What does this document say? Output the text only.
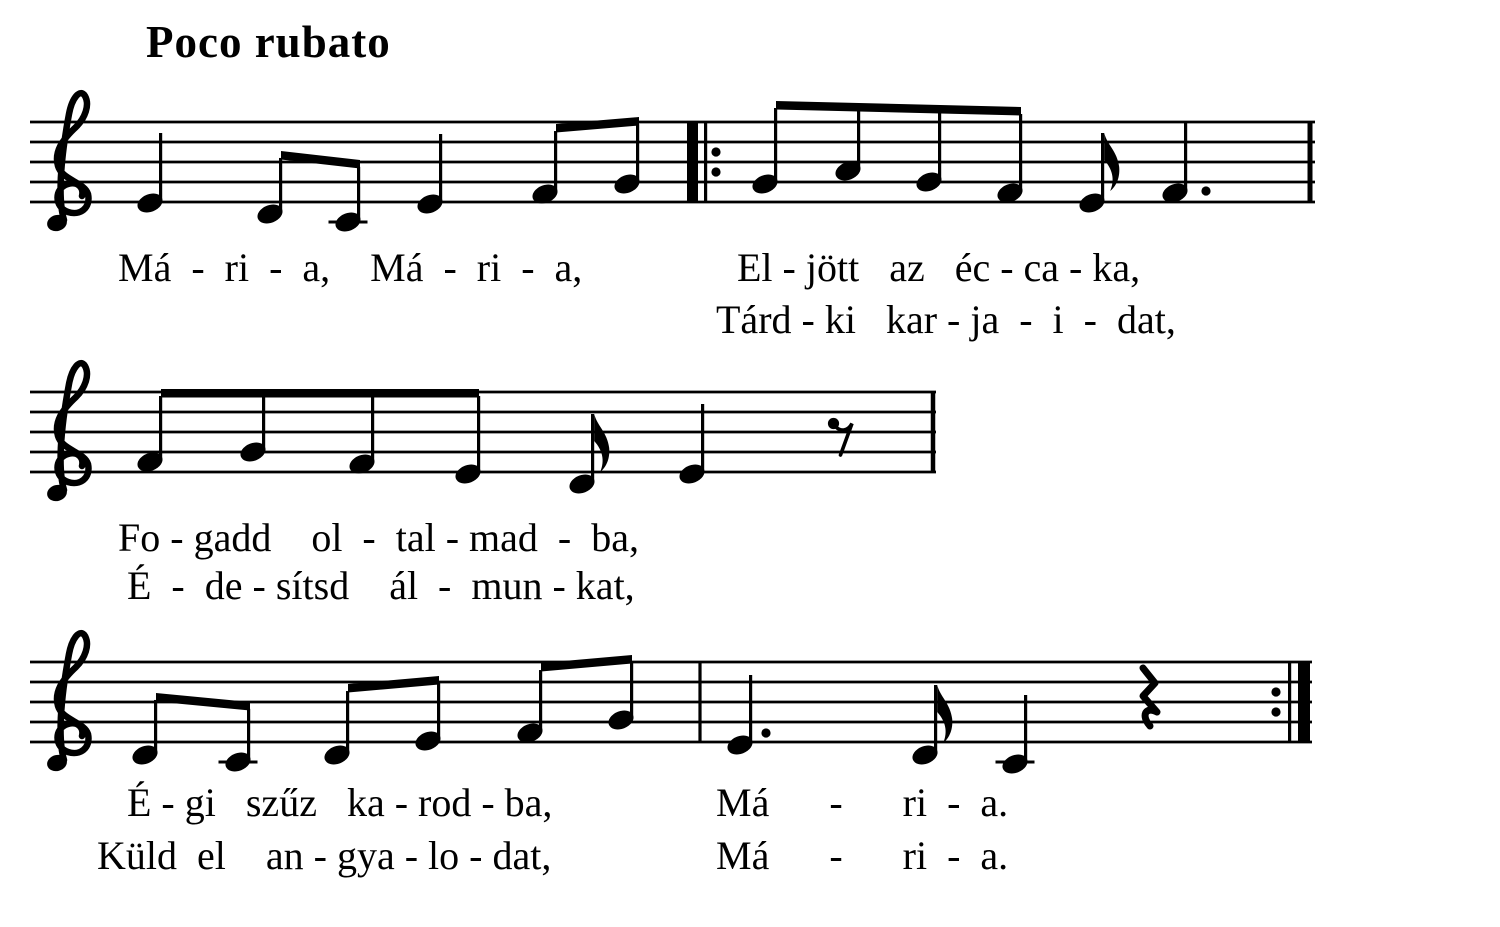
Poco rubato
Má  -  ri  -  a,    Má  -  ri  -  a,	El - jött   az   éc - ca - ka,
Tárd - ki   kar - ja  -  i  -  dat,
Fo - gadd    ol  -  tal - mad  -  ba,
É  -  de - sítsd    ál  -  mun - kat,
É - gi   szűz   ka - rod - ba,	Má      -      ri  -  a.
Küld  el    an - gya - lo - dat,	Má      -      ri  -  a.
